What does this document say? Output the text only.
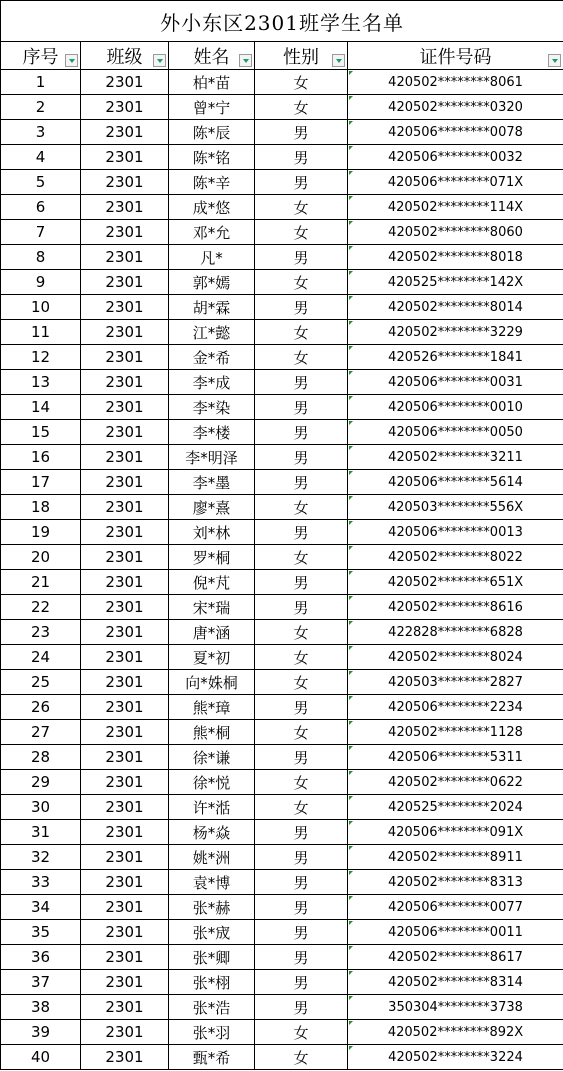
外小东区2301班学生名单				
序号	班级	姓名	性别	证件号码

1	2301	柏*苗	女	420502********8061
2	2301	曾*宁	女	420502********0320
3	2301	陈*辰	男	420506********0078
4	2301	陈*铭	男	420506********0032
5	2301	陈*辛	男	420506********071X
6	2301	成*悠	女	420502********114X
7	2301	邓*允	女	420502********8060
8	2301	凡*	男	420502********8018
9	2301	郭*嫣	女	420525********142X
10	2301	胡*霖	男	420502********8014
11	2301	江*懿	女	420502********3229
12	2301	金*希	女	420526********1841
13	2301	李*成	男	420506********0031
14	2301	李*染	男	420506********0010
15	2301	李*楼	男	420506********0050
16	2301	李*明泽	男	420502********3211
17	2301	李*墨	男	420506********5614
18	2301	廖*熹	女	420503********556X
19	2301	刘*林	男	420506********0013
20	2301	罗*桐	女	420502********8022
21	2301	倪*芃	男	420502********651X
22	2301	宋*瑞	男	420502********8616
23	2301	唐*涵	女	422828********6828
24	2301	夏*初	女	420502********8024
25	2301	向*姝桐	女	420503********2827
26	2301	熊*璋	男	420506********2234
27	2301	熊*桐	女	420502********1128
28	2301	徐*谦	男	420506********5311
29	2301	徐*悦	女	420502********0622
30	2301	许*湉	女	420525********2024
31	2301	杨*焱	男	420506********091X
32	2301	姚*洲	男	420502********8911
33	2301	袁*博	男	420502********8313
34	2301	张*赫	男	420506********0077
35	2301	张*宬	男	420506********0011
36	2301	张*卿	男	420502********8617
37	2301	张*栩	男	420502********8314
38	2301	张*浩	男	350304********3738
39	2301	张*羽	女	420502********892X
40	2301	甄*希	女	420502********3224
